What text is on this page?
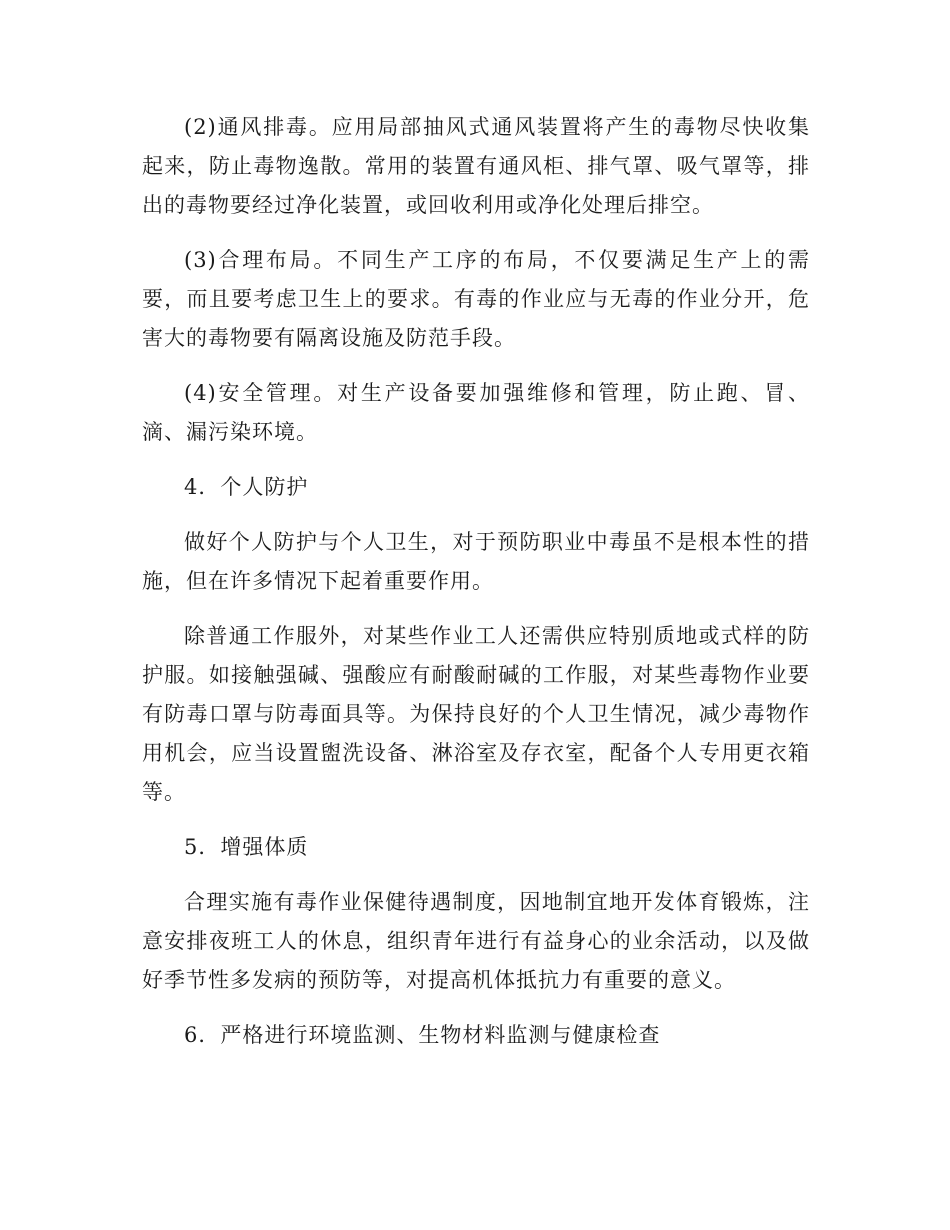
(2)通风排毒。应用局部抽风式通风装置将产生的毒物尽快收集起来，防止毒物逸散。常用的装置有通风柜、排气罩、吸气罩等，排出的毒物要经过净化装置，或回收利用或净化处理后排空。

(3)合理布局。不同生产工序的布局，不仅要满足生产上的需要，而且要考虑卫生上的要求。有毒的作业应与无毒的作业分开，危害大的毒物要有隔离设施及防范手段。

(4)安全管理。对生产设备要加强维修和管理，防止跑、冒、滴、漏污染环境。

4．个人防护

做好个人防护与个人卫生，对于预防职业中毒虽不是根本性的措施，但在许多情况下起着重要作用。

除普通工作服外，对某些作业工人还需供应特别质地或式样的防护服。如接触强碱、强酸应有耐酸耐碱的工作服，对某些毒物作业要有防毒口罩与防毒面具等。为保持良好的个人卫生情况，减少毒物作用机会，应当设置盥洗设备、淋浴室及存衣室，配备个人专用更衣箱等。

5．增强体质

合理实施有毒作业保健待遇制度，因地制宜地开发体育锻炼，注意安排夜班工人的休息，组织青年进行有益身心的业余活动，以及做好季节性多发病的预防等，对提高机体抵抗力有重要的意义。

6．严格进行环境监测、生物材料监测与健康检查
